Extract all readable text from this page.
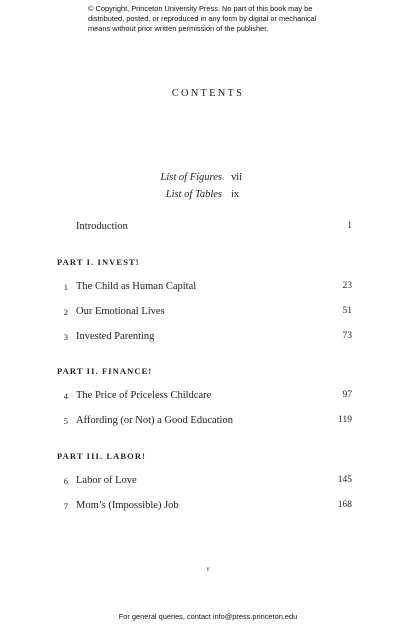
© Copyright, Princeton University Press. No part of this book may be
distributed, posted, or reproduced in any form by digital or mechanical
means without prior written permission of the publisher.
CONTENTS
List of Figures vii
List of Tables ix
Introduction	1
PART I. INVEST!
1 The Child as Human Capital	23
2 Our Emotional Lives	51
3 Invested Parenting	73
PART II. FINANCE!
4 The Price of Priceless Childcare	97
5 Affording (or Not) a Good Education	119
PART III. LABOR!
6 Labor of Love	145
7 Mom’s (Impossible) Job	168
v
For general queries, contact info@press.princeton.edu
